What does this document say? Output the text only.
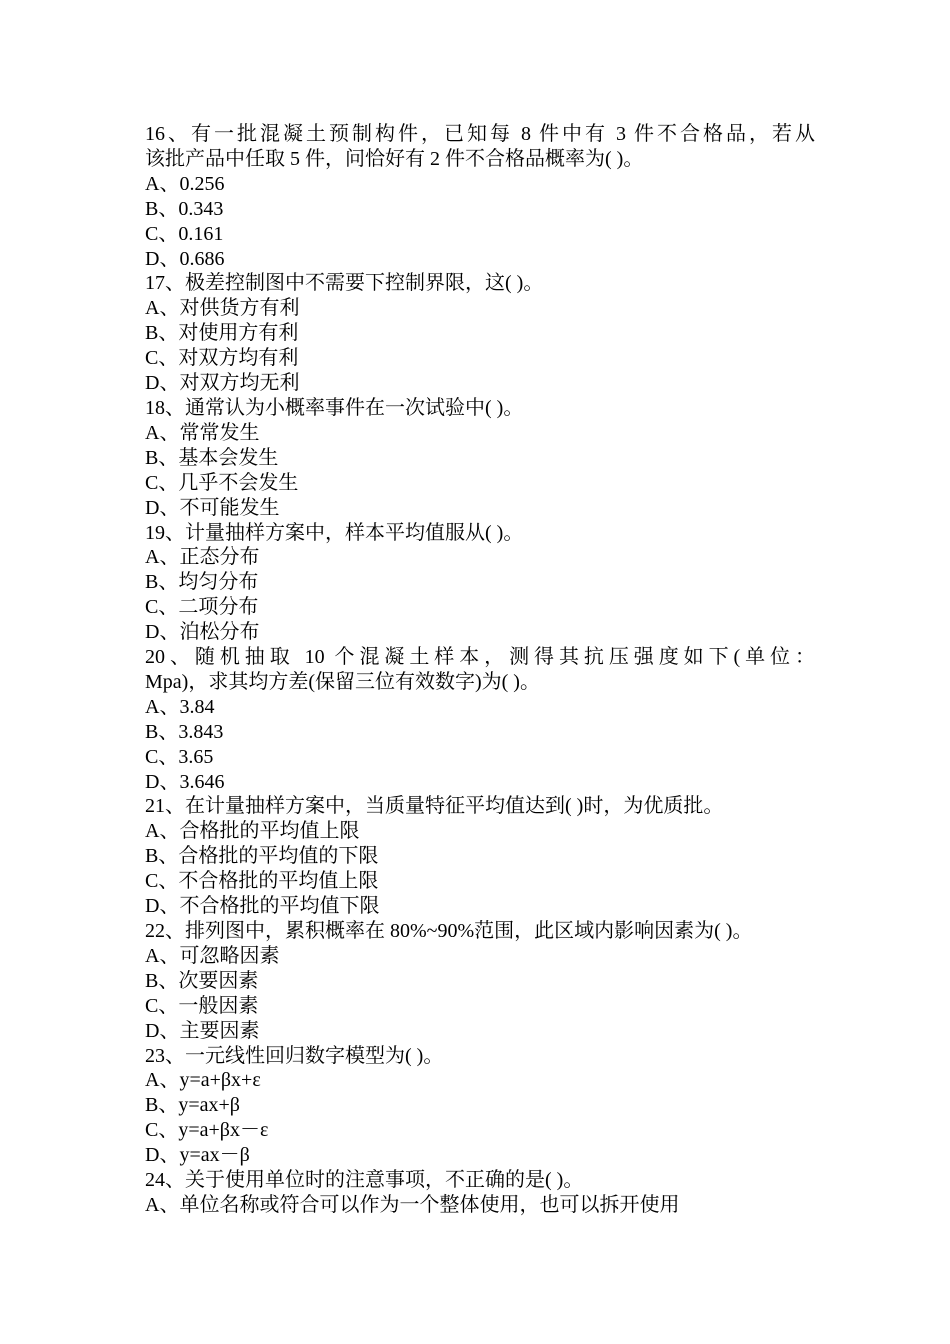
16、有一批混凝土预制构件，已知每 8 件中有 3 件不合格品，若从
该批产品中任取 5 件，问恰好有 2 件不合格品概率为( )。
A、0.256
B、0.343
C、0.161
D、0.686
17、极差控制图中不需要下控制界限，这( )。
A、对供货方有利
B、对使用方有利
C、对双方均有利
D、对双方均无利
18、通常认为小概率事件在一次试验中( )。
A、常常发生
B、基本会发生
C、几乎不会发生
D、不可能发生
19、计量抽样方案中，样本平均值服从( )。
A、正态分布
B、均匀分布
C、二项分布
D、泊松分布
20、随机抽取 10 个混凝土样本，测得其抗压强度如下(单位：
Mpa)，求其均方差(保留三位有效数字)为( )。
A、3.84
B、3.843
C、3.65
D、3.646
21、在计量抽样方案中，当质量特征平均值达到( )时，为优质批。
A、合格批的平均值上限
B、合格批的平均值的下限
C、不合格批的平均值上限
D、不合格批的平均值下限
22、排列图中，累积概率在 80%~90%范围，此区域内影响因素为( )。
A、可忽略因素
B、次要因素
C、一般因素
D、主要因素
23、一元线性回归数字模型为( )。
A、y=a+βx+ε
B、y=ax+β
C、y=a+βx－ε
D、y=ax－β
24、关于使用单位时的注意事项，不正确的是( )。
A、单位名称或符合可以作为一个整体使用，也可以拆开使用
